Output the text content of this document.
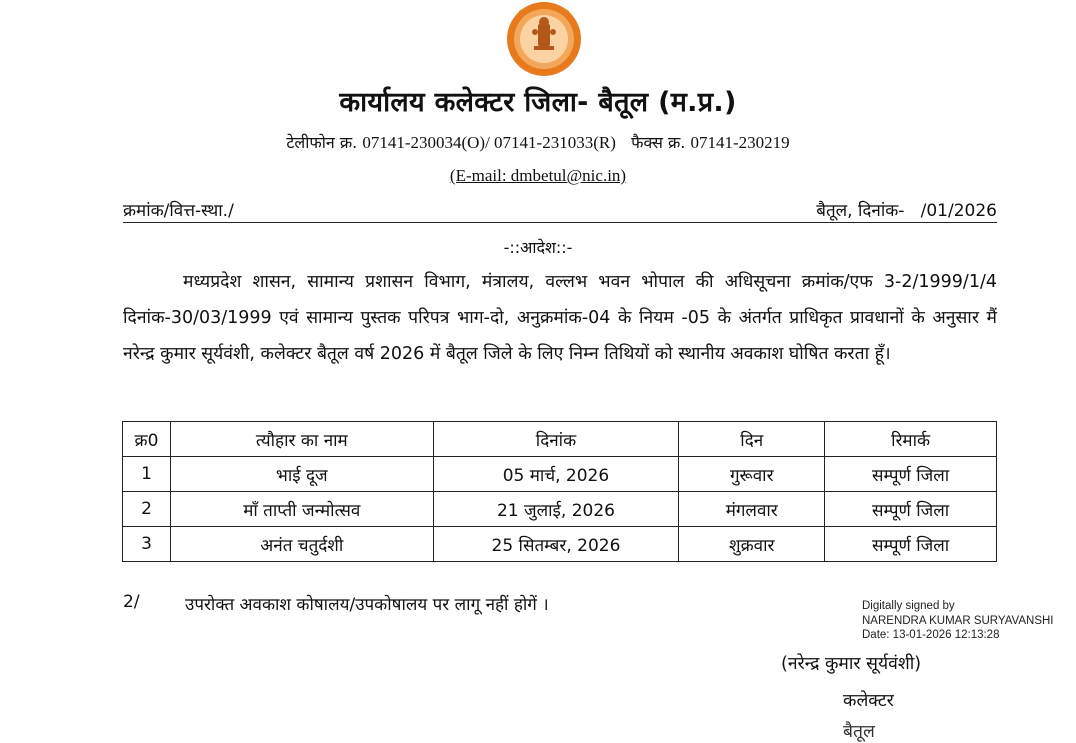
कार्यालय कलेक्टर जिला- बैतूल (म.प्र.)
टेलीफोन क्र. 07141-230034(O)/ 07141-231033(R) फैक्स क्र. 07141-230219
(E-mail: dmbetul@nic.in)
क्रमांक/वित्त-स्था./	बैतूल, दिनांक-   /01/2026
-::आदेश::-

मध्यप्रदेश शासन, सामान्य प्रशासन विभाग, मंत्रालय, वल्लभ भवन भोपाल की अधिसूचना क्रमांक/एफ 3-2/1999/1/4 दिनांक-30/03/1999 एवं सामान्य पुस्तक परिपत्र भाग-दो, अनुक्रमांक-04 के नियम -05 के अंतर्गत प्राधिकृत प्रावधानों के अनुसार मैं नरेन्द्र कुमार सूर्यवंशी, कलेक्टर बैतूल वर्ष 2026 में बैतूल जिले के लिए निम्न तिथियों को स्थानीय अवकाश घोषित करता हूँ।

क्र0	त्यौहार का नाम	दिनांक	दिन	रिमार्क
1	भाई दूज	05 मार्च, 2026	गुरूवार	सम्पूर्ण जिला
2	माँ ताप्ती जन्मोत्सव	21 जुलाई, 2026	मंगलवार	सम्पूर्ण जिला
3	अनंत चतुर्दशी	25 सितम्बर, 2026	शुक्रवार	सम्पूर्ण जिला
2/	उपरोक्त अवकाश कोषालय/उपकोषालय पर लागू नहीं होगें ।	Digitally signed by
NARENDRA KUMAR SURYAVANSHI
Date: 13-01-2026 12:13:28
(नरेन्द्र कुमार सूर्यवंशी)
कलेक्टर
बैतूल
